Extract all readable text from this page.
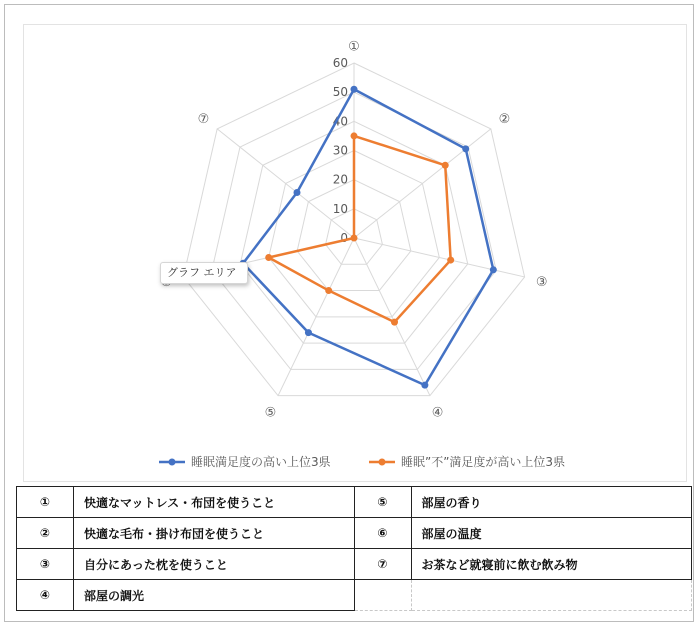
0
10
20
30
40
50
60
①
②
③
④
⑤
⑦
睡眠満足度の高い上位3県	睡眠”不”満足度が高い上位3県
グラフ エリア
①	快適なマットレス・布団を使うこと	⑤	部屋の香り
②	快適な毛布・掛け布団を使うこと	⑥	部屋の温度
③	自分にあった枕を使うこと	⑦	お茶など就寝前に飲む飲み物
④	部屋の調光		
